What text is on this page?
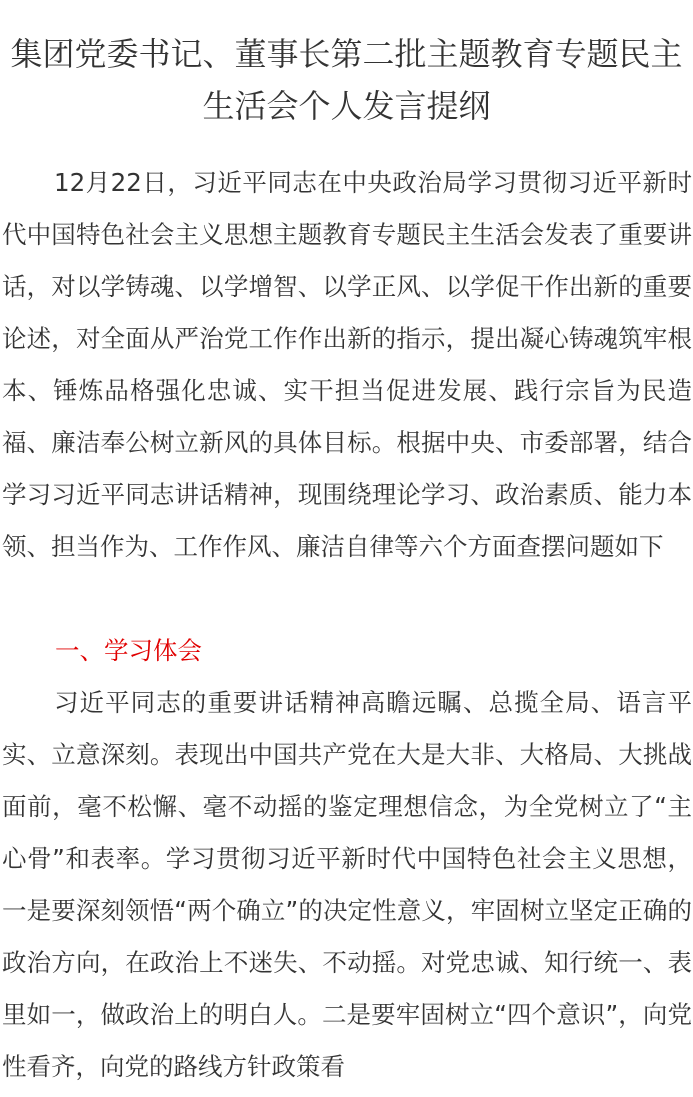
集团党委书记、董事长第二批主题教育专题民主生活会个人发言提纲

12月22日，习近平同志在中央政治局学习贯彻习近平新时代中国特色社会主义思想主题教育专题民主生活会发表了重要讲话，对以学铸魂、以学增智、以学正风、以学促干作出新的重要论述，对全面从严治党工作作出新的指示，提出凝心铸魂筑牢根本、锤炼品格强化忠诚、实干担当促进发展、践行宗旨为民造福、廉洁奉公树立新风的具体目标。根据中央、市委部署，结合学习习近平同志讲话精神，现围绕理论学习、政治素质、能力本领、担当作为、工作作风、廉洁自律等六个方面查摆问题如下

一、学习体会

习近平同志的重要讲话精神高瞻远瞩、总揽全局、语言平实、立意深刻。表现出中国共产党在大是大非、大格局、大挑战面前，毫不松懈、毫不动摇的鉴定理想信念，为全党树立了“主心骨”和表率。学习贯彻习近平新时代中国特色社会主义思想，一是要深刻领悟“两个确立”的决定性意义，牢固树立坚定正确的政治方向，在政治上不迷失、不动摇。对党忠诚、知行统一、表里如一，做政治上的明白人。二是要牢固树立“四个意识”，向党性看齐，向党的路线方针政策看
